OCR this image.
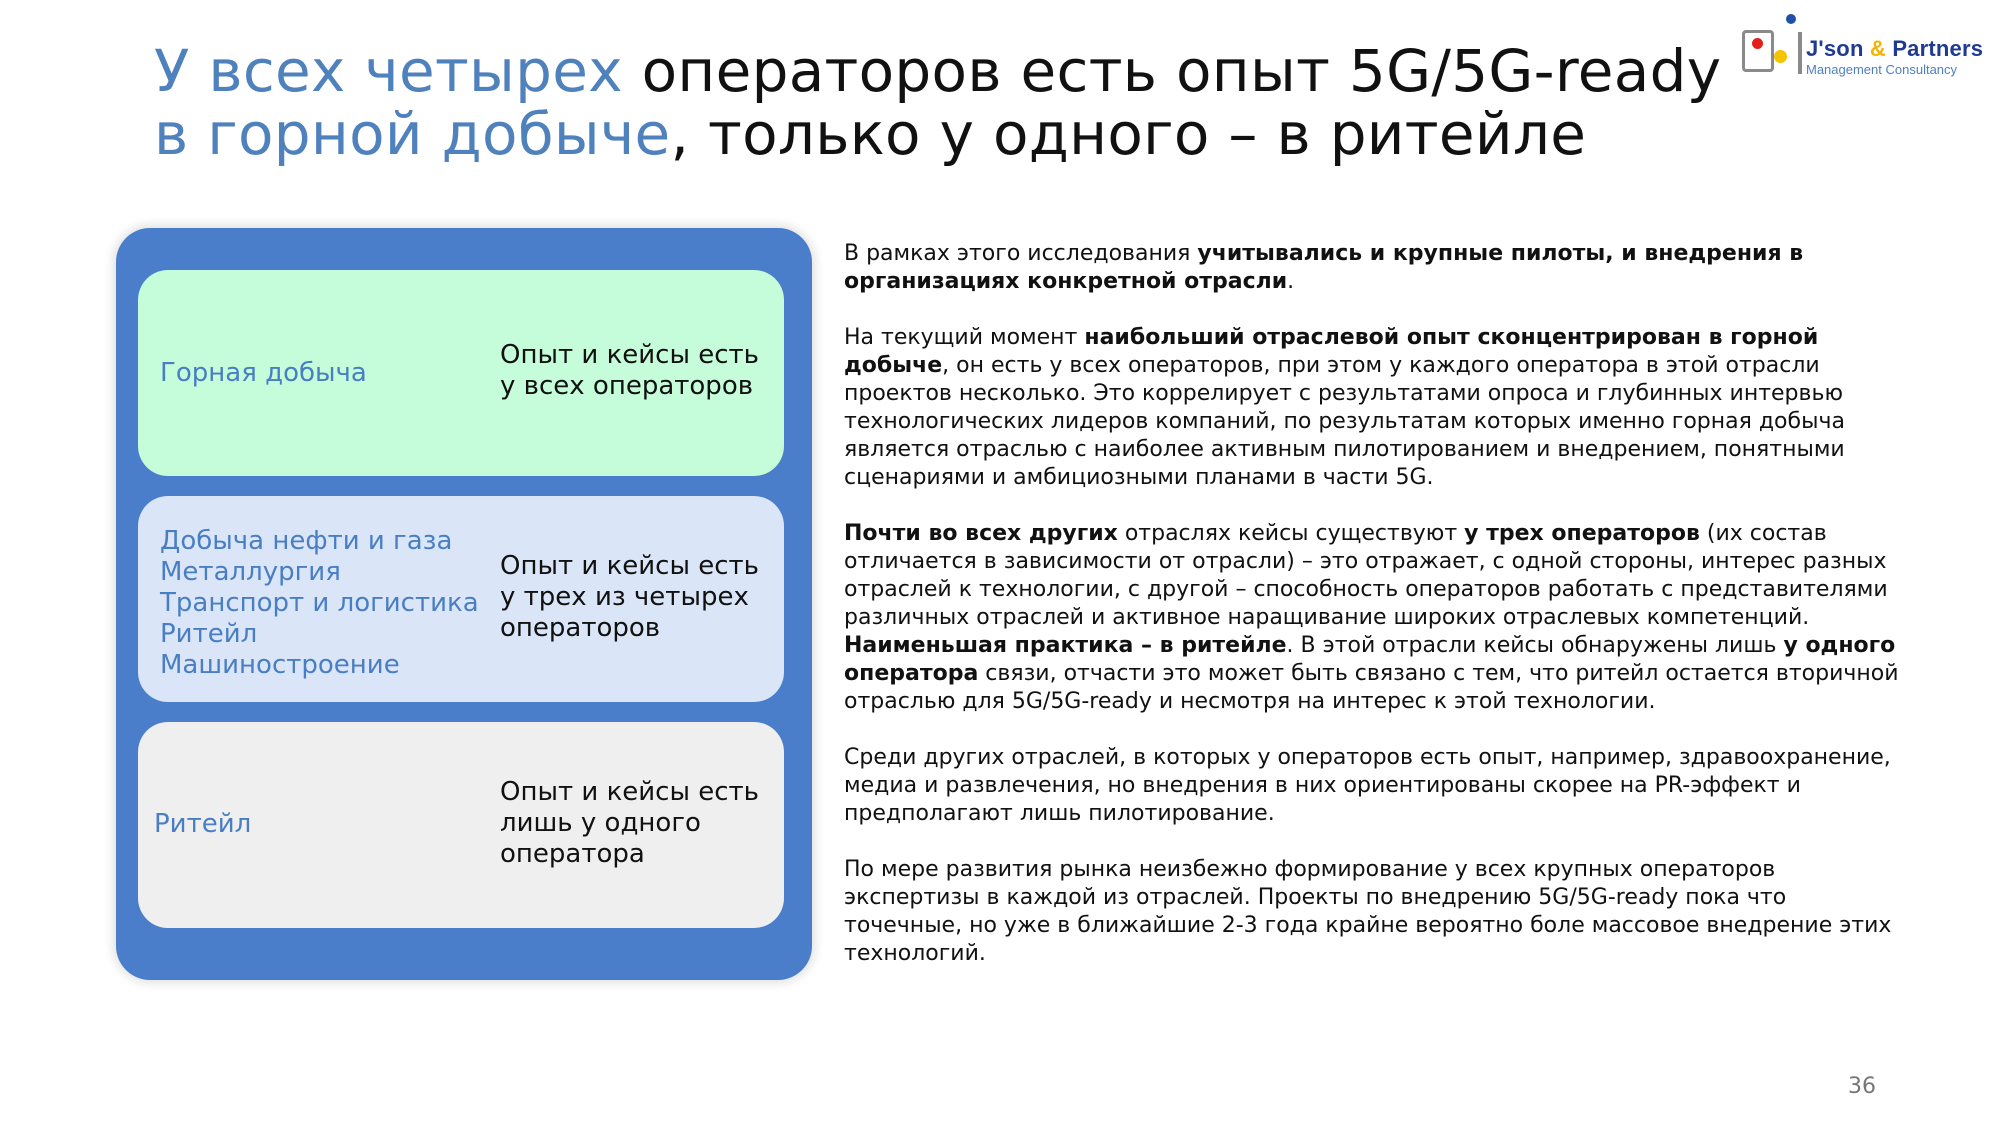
У всех четырех операторов есть опыт 5G/5G-ready
в горной добыче, только у одного – в ритейле
J'son & Partners
Management Consultancy
Горная добыча
Опыт и кейсы есть у всех операторов
Добыча нефти и газа
Металлургия
Транспорт и логистика
Ритейл
Машиностроение
Опыт и кейсы есть у трех из четырех операторов
Ритейл
Опыт и кейсы есть лишь у одного оператора

В рамках этого исследования учитывались и крупные пилоты, и внедрения в организациях конкретной отрасли.

На текущий момент наибольший отраслевой опыт сконцентрирован в горной добыче, он есть у всех операторов, при этом у каждого оператора в этой отрасли проектов несколько. Это коррелирует с результатами опроса и глубинных интервью технологических лидеров компаний, по результатам которых именно горная добыча является отраслью с наиболее активным пилотированием и внедрением, понятными сценариями и амбициозными планами в части 5G.

Почти во всех других отраслях кейсы существуют у трех операторов (их состав отличается в зависимости от отрасли) – это отражает, с одной стороны, интерес разных отраслей к технологии, с другой – способность операторов работать с представителями различных отраслей и активное наращивание широких отраслевых компетенций. Наименьшая практика – в ритейле. В этой отрасли кейсы обнаружены лишь у одного оператора связи, отчасти это может быть связано с тем, что ритейл остается вторичной отраслью для 5G/5G-ready и несмотря на интерес к этой технологии.

Среди других отраслей, в которых у операторов есть опыт, например, здравоохранение, медиа и развлечения, но внедрения в них ориентированы скорее на PR-эффект и предполагают лишь пилотирование.

По мере развития рынка неизбежно формирование у всех крупных операторов экспертизы в каждой из отраслей. Проекты по внедрению 5G/5G-ready пока что точечные, но уже в ближайшие 2-3 года крайне вероятно боле массовое внедрение этих технологий.

36
